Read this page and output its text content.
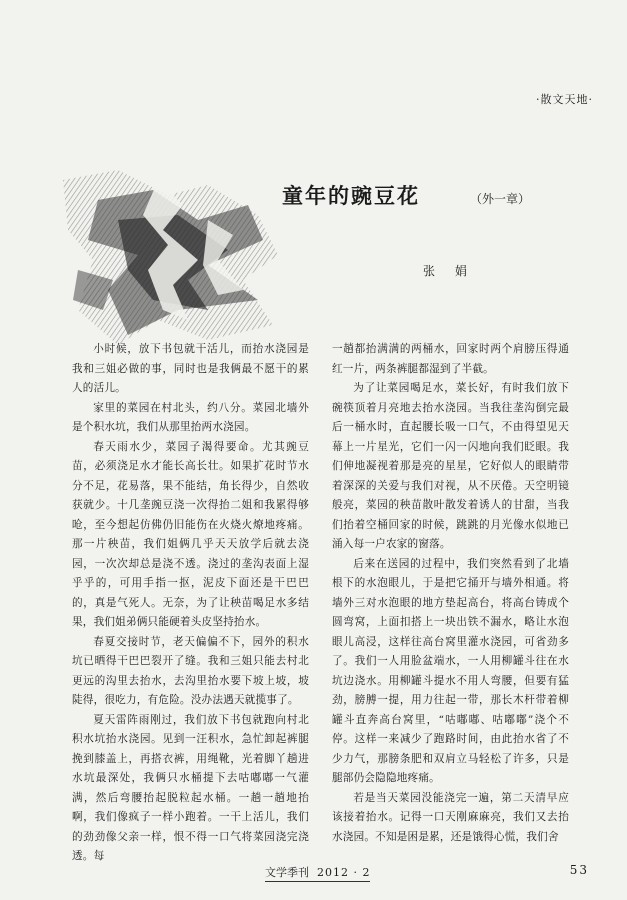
·散文天地·
童年的豌豆花	（外一章）
张 娟

小时候，放下书包就干活儿，而抬水浇园是我和三姐必做的事，同时也是我俩最不愿干的累人的活儿。

家里的菜园在村北头，约八分。菜园北墙外是个积水坑，我们从那里抬两水浇园。

春天雨水少，菜园子渴得要命。尤其豌豆苗，必须浇足水才能长高长壮。如果扩花时节水分不足，花易落，果不能结，角长得少，自然收获就少。十几垄豌豆浇一次得抬二姐和我累得够呛，至今想起仿佛仍旧能伤在火烧火燎地疼痛。那一片秧苗，我们姐俩几乎天天放学后就去浇园，一次次却总是浇不透。浇过的垄沟表面上湿乎乎的，可用手指一抠，泥皮下面还是干巴巴的，真是气死人。无奈，为了让秧苗喝足水多结果，我们姐弟俩只能硬着头皮坚持抬水。

春夏交接时节，老天偏偏不下，园外的积水坑已晒得干巴巴裂开了缝。我和三姐只能去村北更远的沟里去抬水，去沟里抬水要下坡上坡，坡陡得，很吃力，有危险。没办法遇天就揽事了。

夏天雷阵雨刚过，我们放下书包就跑向村北积水坑抬水浇园。见到一汪积水，急忙卸起裤腿挽到膝盖上，再搭衣裤，用绳靴，光着脚丫趟进水坑最深处，我俩只水桶提下去咕嘟嘟一气灌满，然后弯腰抬起脱粒起水桶。一趟一趟地抬啊，我们像疯子一样小跑着。一干上活儿，我们的劲劲像父亲一样，恨不得一口气将菜园浇完浇透。每

一趟都抬满满的两桶水，回家时两个肩膀压得通红一片，两条裤腿都湿到了半截。

为了让菜园喝足水，菜长好，有时我们放下碗筷顶着月亮地去抬水浇园。当我往垄沟倒完最后一桶水时，直起腰长吸一口气，不由得望见天幕上一片星光，它们一闪一闪地向我们眨眼。我们伸地凝视着那是亮的星星，它好似人的眼睛带着深深的关爱与我们对视，从不厌倦。天空明镜般亮，菜园的秧苗散叶散发着诱人的甘甜，当我们抬着空桶回家的时候，跳跳的月光像水似地已涌入每一户农家的窗落。

后来在送园的过程中，我们突然看到了北墙根下的水泡眼儿，于是把它捅开与墙外相通。将墙外三对水泡眼的地方垫起高台，将高台铸成个圆弯窝，上面扣搭上一块出铁不漏水，略让水泡眼儿高浸，这样往高台窝里灌水浇园，可省劲多了。我们一人用脸盆端水，一人用柳罐斗往在水坑边浇水。用柳罐斗提水不用人弯腰，但要有猛劲，膀膊一提，用力往起一带，那长木杆带着柳罐斗直奔高台窝里，“咕嘟嘟、咕嘟嘟”浇个不停。这样一来减少了跑路时间，由此抬水省了不少力气，那膀条肥和双肩立马轻松了许多，只是腿部仍会隐隐地疼痛。

若是当天菜园没能浇完一遍，第二天清早应该接着抬水。记得一口天刚麻麻亮，我们又去抬水浇园。不知是困是累，还是饿得心慌，我们舍

文学季刊 2012 · 2	53
